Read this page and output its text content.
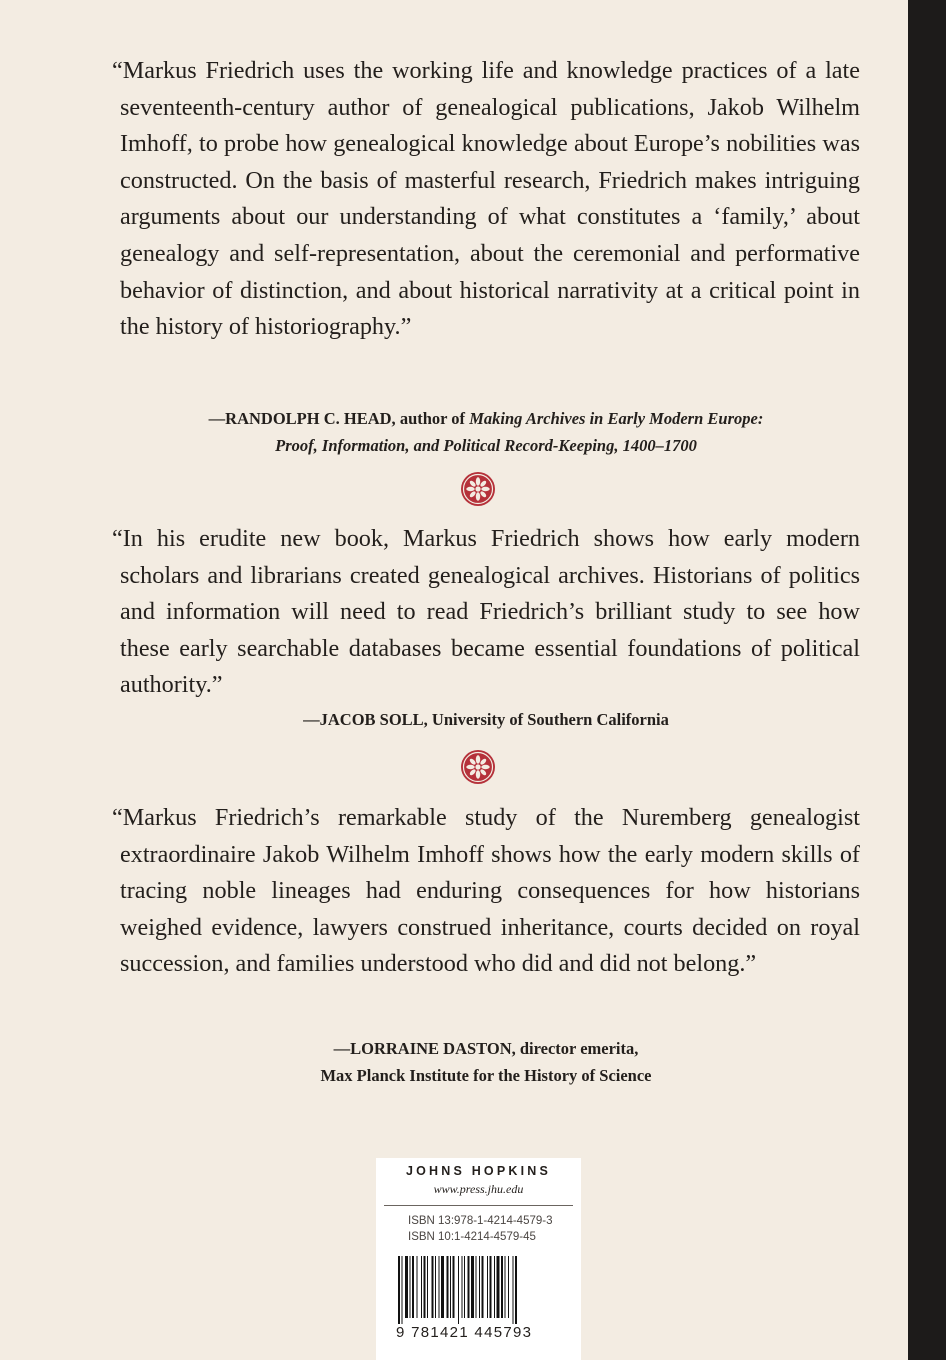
“Markus Friedrich uses the working life and knowledge practices of a late seventeenth-century author of genealogical publications, Jakob Wilhelm Imhoff, to probe how genealogical knowledge about Europe’s nobilities was constructed. On the basis of masterful research, Friedrich makes intriguing arguments about our understanding of what constitutes a ‘family,’ about genealogy and self-representation, about the ceremonial and performative behavior of distinction, and about historical narrativity at a critical point in the history of historiography.”

—RANDOLPH C. HEAD, author of Making Archives in Early Modern Europe:
Proof, Information, and Political Record-Keeping, 1400–1700

“In his erudite new book, Markus Friedrich shows how early modern scholars and librarians created genealogical archives. Historians of politics and information will need to read Friedrich’s brilliant study to see how these early searchable databases became essential foundations of political authority.”

—JACOB SOLL, University of Southern California

“Markus Friedrich’s remarkable study of the Nuremberg genealogist extraordinaire Jakob Wilhelm Imhoff shows how the early modern skills of tracing noble lineages had enduring consequences for how historians weighed evidence, lawyers construed inheritance, courts decided on royal succession, and families understood who did and did not belong.”

—LORRAINE DASTON, director emerita,
Max Planck Institute for the History of Science
JOHNS HOPKINS
www.press.jhu.edu
ISBN 13:978-1-4214-4579-3
ISBN 10:1-4214-4579-45
9 781421 445793
